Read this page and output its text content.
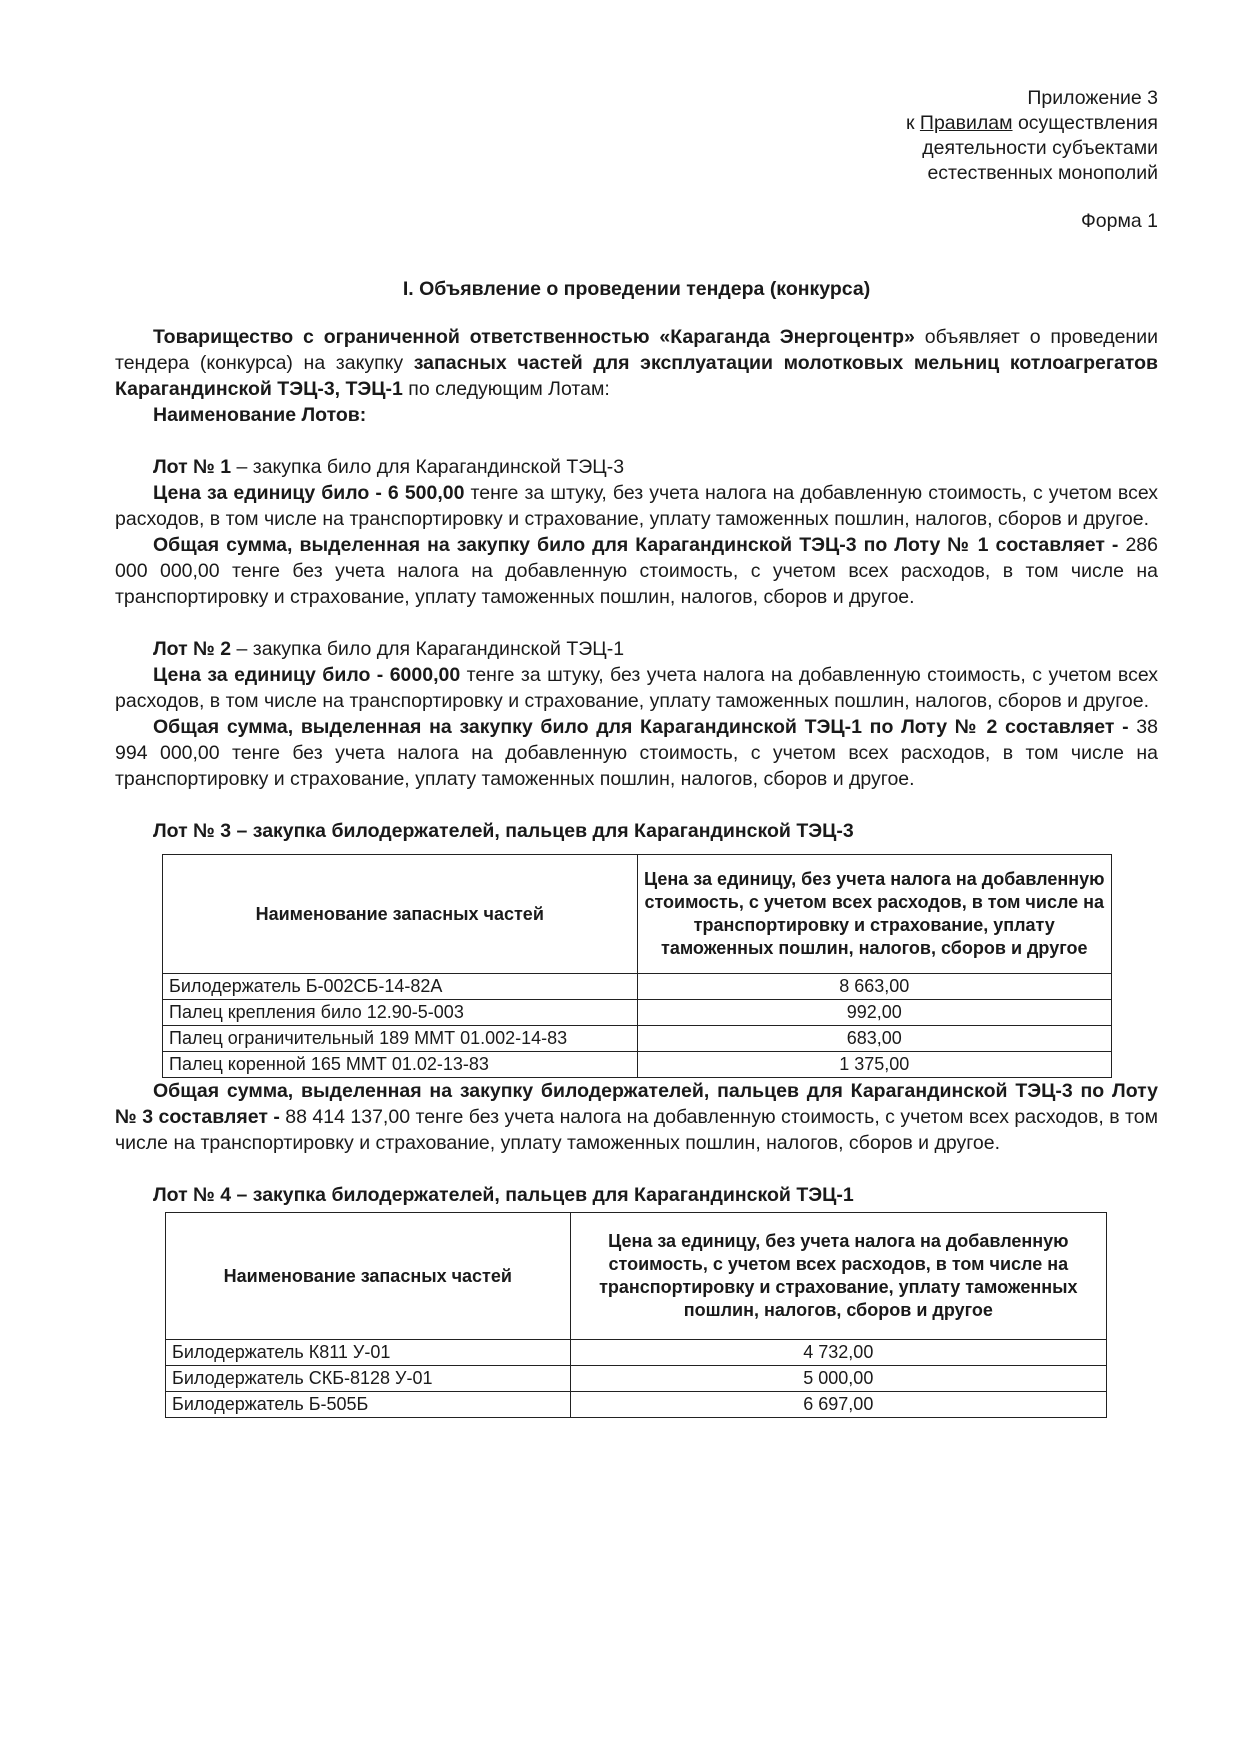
Приложение 3
к Правилам осуществления
деятельности субъектами
естественных монополий
Форма 1
I. Объявление о проведении тендера (конкурса)

Товарищество с ограниченной ответственностью «Караганда Энергоцентр» объявляет о проведении тендера (конкурса) на закупку запасных частей для эксплуатации молотковых мельниц котлоагрегатов Карагандинской ТЭЦ-3, ТЭЦ-1 по следующим Лотам:

Наименование Лотов:

Лот № 1 – закупка било для Карагандинской ТЭЦ-3

Цена за единицу било - 6 500,00 тенге за штуку, без учета налога на добавленную стоимость, с учетом всех расходов, в том числе на транспортировку и страхование, уплату таможенных пошлин, налогов, сборов и другое.

Общая сумма, выделенная на закупку било для Карагандинской ТЭЦ-3 по Лоту № 1 составляет - 286 000 000,00 тенге без учета налога на добавленную стоимость, с учетом всех расходов, в том числе на транспортировку и страхование, уплату таможенных пошлин, налогов, сборов и другое.

Лот № 2 – закупка било для Карагандинской ТЭЦ-1

Цена за единицу било - 6000,00 тенге за штуку, без учета налога на добавленную стоимость, с учетом всех расходов, в том числе на транспортировку и страхование, уплату таможенных пошлин, налогов, сборов и другое.

Общая сумма, выделенная на закупку било для Карагандинской ТЭЦ-1 по Лоту № 2 составляет - 38 994 000,00 тенге без учета налога на добавленную стоимость, с учетом всех расходов, в том числе на транспортировку и страхование, уплату таможенных пошлин, налогов, сборов и другое.

Лот № 3 – закупка билодержателей, пальцев для Карагандинской ТЭЦ-3

Наименование запасных частей	Цена за единицу, без учета налога на добавленную стоимость, с учетом всех расходов, в том числе на транспортировку и страхование, уплату таможенных пошлин, налогов, сборов и другое
Билодержатель Б-002СБ-14-82А	8 663,00
Палец крепления било 12.90-5-003	992,00
Палец ограничительный 189 ММТ 01.002-14-83	683,00
Палец коренной 165 ММТ 01.02-13-83	1 375,00

Общая сумма, выделенная на закупку билодержателей, пальцев для Карагандинской ТЭЦ-3 по Лоту № 3 составляет - 88 414 137,00 тенге без учета налога на добавленную стоимость, с учетом всех расходов, в том числе на транспортировку и страхование, уплату таможенных пошлин, налогов, сборов и другое.

Лот № 4 – закупка билодержателей, пальцев для Карагандинской ТЭЦ-1

Наименование запасных частей	Цена за единицу, без учета налога на добавленную стоимость, с учетом всех расходов, в том числе на транспортировку и страхование, уплату таможенных пошлин, налогов, сборов и другое
Билодержатель К811 У-01	4 732,00
Билодержатель СКБ-8128 У-01	5 000,00
Билодержатель Б-505Б	6 697,00
